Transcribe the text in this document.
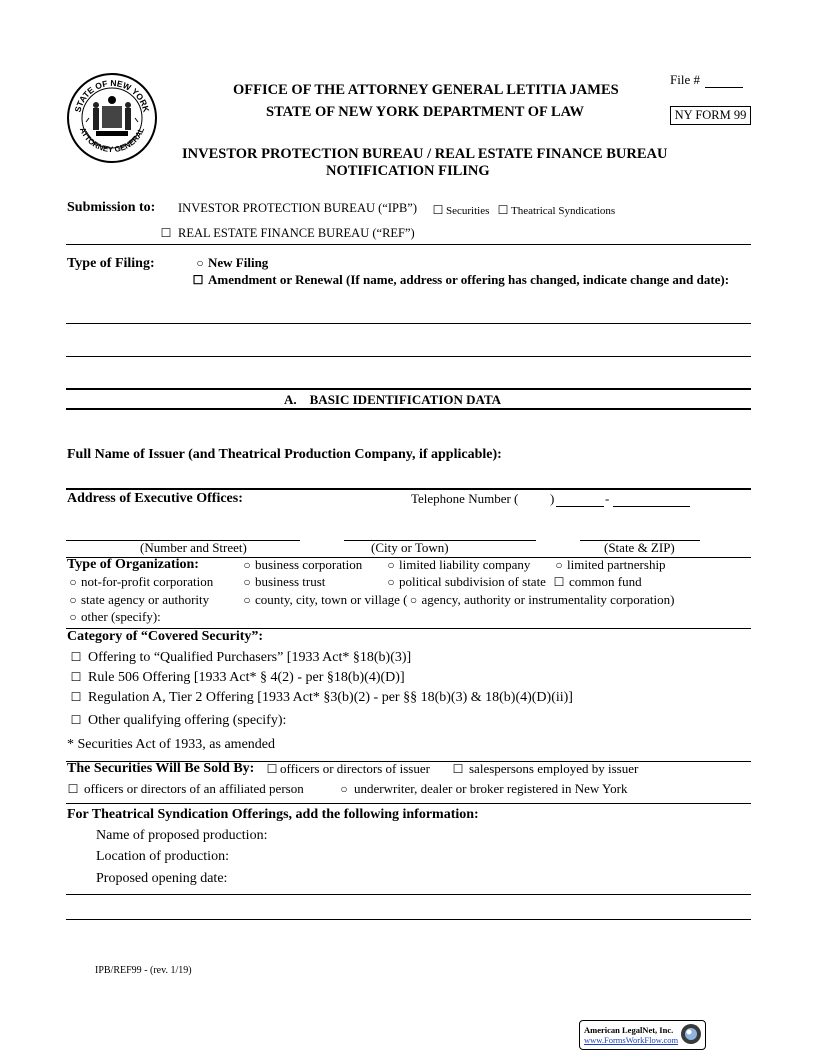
STATE OF NEW YORK
ATTORNEY GENERAL
OFFICE OF THE ATTORNEY GENERAL LETITIA JAMES
STATE OF NEW YORK DEPARTMENT OF LAW
File #
NY FORM 99
INVESTOR PROTECTION BUREAU / REAL ESTATE FINANCE BUREAU
NOTIFICATION FILING
Submission to: INVESTOR PROTECTION BUREAU (“IPB”) ☐ Securities ☐ Theatrical Syndications
☐ REAL ESTATE FINANCE BUREAU (“REF”)
Type of Filing:	○ New Filing
☐ Amendment or Renewal (If name, address or offering has changed, indicate change and date):
A.    BASIC IDENTIFICATION DATA
Full Name of Issuer (and Theatrical Production Company, if applicable):
Address of Executive Offices:	Telephone Number ( )	-
(Number and Street)	(City or Town)	(State & ZIP)
Type of Organization:	○ business corporation ○ limited liability company ○ limited partnership
○ not-for-profit corporation	○ business trust	○ political subdivision of state ☐ common fund
○ state agency or authority	○ county, city, town or village ( ○ agency, authority or instrumentality corporation)
○ other (specify):
Category of “Covered Security”:
☐ Offering to “Qualified Purchasers” [1933 Act* §18(b)(3)]
☐ Rule 506 Offering [1933 Act* § 4(2) - per §18(b)(4)(D)]
☐ Regulation A, Tier 2 Offering [1933 Act* §3(b)(2) - per §§ 18(b)(3) & 18(b)(4)(D)(ii)]
☐ Other qualifying offering (specify):
* Securities Act of 1933, as amended
The Securities Will Be Sold By: ☐ officers or directors of issuer ☐ salespersons employed by issuer
☐ officers or directors of an affiliated person	○ underwriter, dealer or broker registered in New York
For Theatrical Syndication Offerings, add the following information:
Name of proposed production:
Location of production:
Proposed opening date:
IPB/REF99 - (rev. 1/19)
American LegalNet, Inc.
www.FormsWorkFlow.com
